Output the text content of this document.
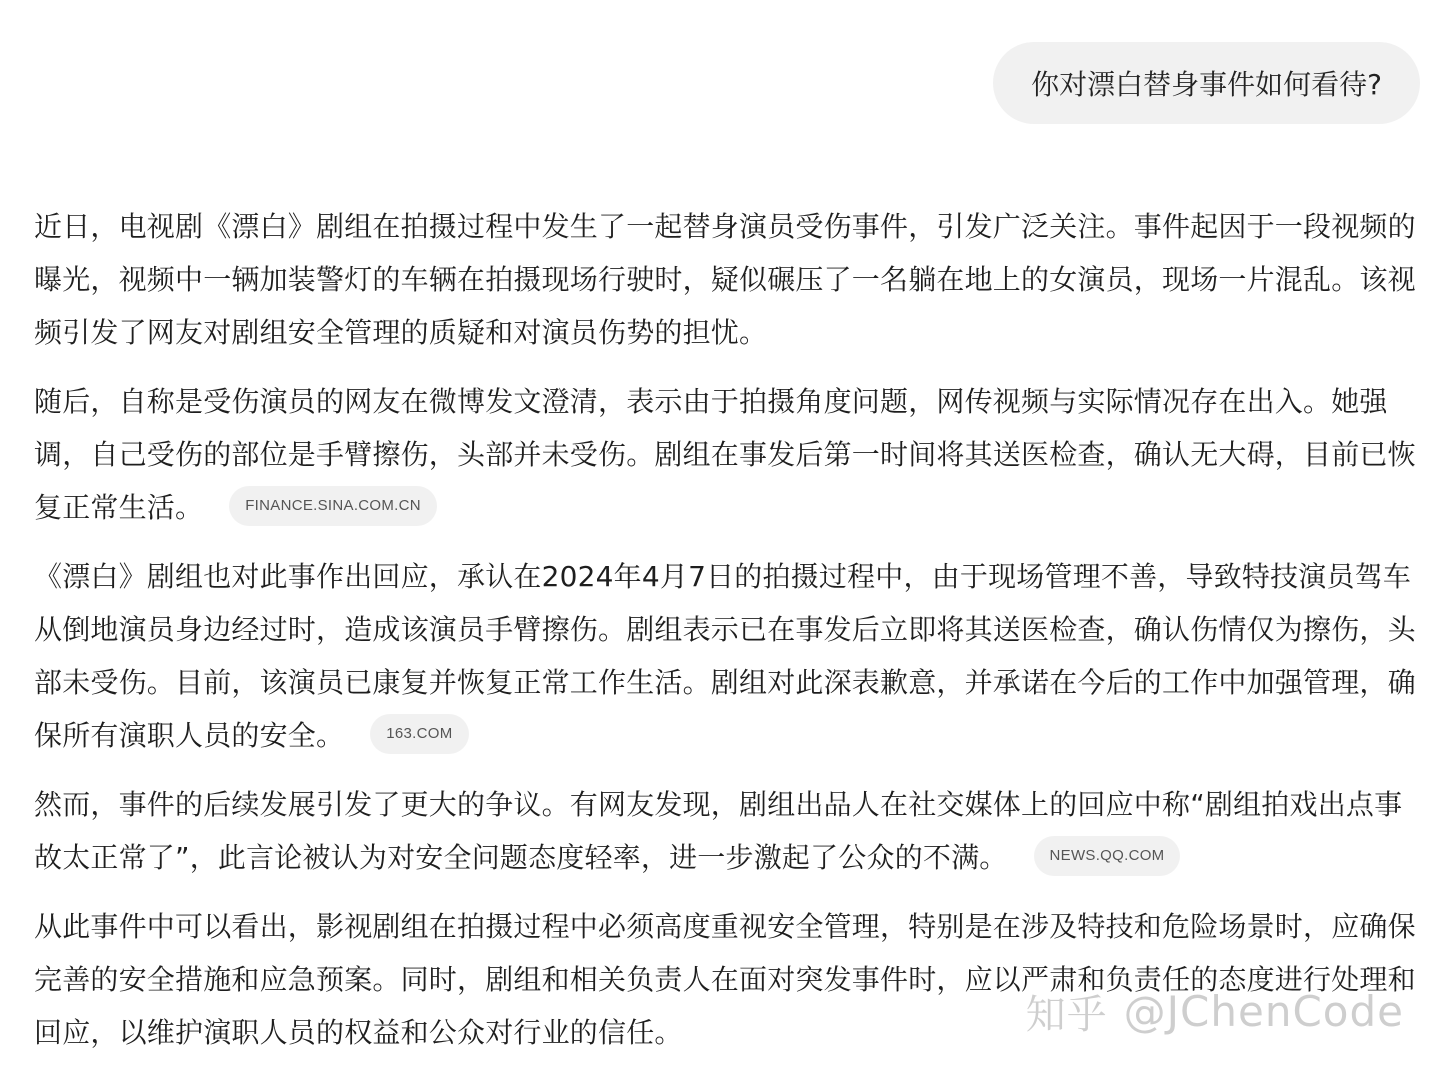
你对漂白替身事件如何看待?

近日，电视剧《漂白》剧组在拍摄过程中发生了一起替身演员受伤事件，引发广泛关注。事件起因于一段视频的曝光，视频中一辆加装警灯的车辆在拍摄现场行驶时，疑似碾压了一名躺在地上的女演员，现场一片混乱。该视频引发了网友对剧组安全管理的质疑和对演员伤势的担忧。

随后，自称是受伤演员的网友在微博发文澄清，表示由于拍摄角度问题，网传视频与实际情况存在出入。她强调，自己受伤的部位是手臂擦伤，头部并未受伤。剧组在事发后第一时间将其送医检查，确认无大碍，目前已恢复正常生活。	FINANCE.SINA.COM.CN

《漂白》剧组也对此事作出回应，承认在2024年4月7日的拍摄过程中，由于现场管理不善，导致特技演员驾车从倒地演员身边经过时，造成该演员手臂擦伤。剧组表示已在事发后立即将其送医检查，确认伤情仅为擦伤，头部未受伤。目前，该演员已康复并恢复正常工作生活。剧组对此深表歉意，并承诺在今后的工作中加强管理，确保所有演职人员的安全。	163.COM

然而，事件的后续发展引发了更大的争议。有网友发现，剧组出品人在社交媒体上的回应中称“剧组拍戏出点事故太正常了”，此言论被认为对安全问题态度轻率，进一步激起了公众的不满。	NEWS.QQ.COM

从此事件中可以看出，影视剧组在拍摄过程中必须高度重视安全管理，特别是在涉及特技和危险场景时，应确保完善的安全措施和应急预案。同时，剧组和相关负责人在面对突发事件时，应以严肃和负责任的态度进行处理和回应，以维护演职人员的权益和公众对行业的信任。	知乎 @JChenCode
